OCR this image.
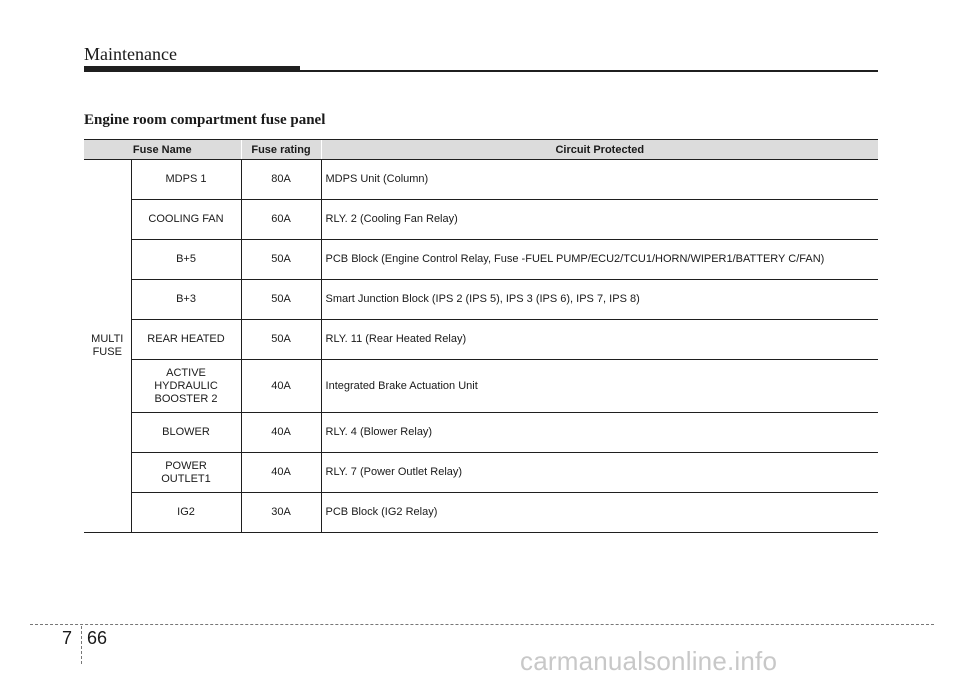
Maintenance
Engine room compartment fuse panel
Fuse Name		Fuse rating	Circuit Protected
MULTI
FUSE	MDPS 1	80A	MDPS Unit (Column)
	COOLING FAN	60A	RLY. 2 (Cooling Fan Relay)
	B+5	50A	PCB Block (Engine Control Relay, Fuse -FUEL PUMP/ECU2/TCU1/HORN/WIPER1/BATTERY C/FAN)
	B+3	50A	Smart Junction Block (IPS 2 (IPS 5), IPS 3 (IPS 6), IPS 7, IPS 8)
	REAR HEATED	50A	RLY. 11 (Rear Heated Relay)
	ACTIVE
HYDRAULIC
BOOSTER 2	40A	Integrated Brake Actuation Unit
	BLOWER	40A	RLY. 4 (Blower Relay)
	POWER
OUTLET1	40A	RLY. 7 (Power Outlet Relay)
	IG2	30A	PCB Block (IG2 Relay)
7 66
carmanualsonline.info
